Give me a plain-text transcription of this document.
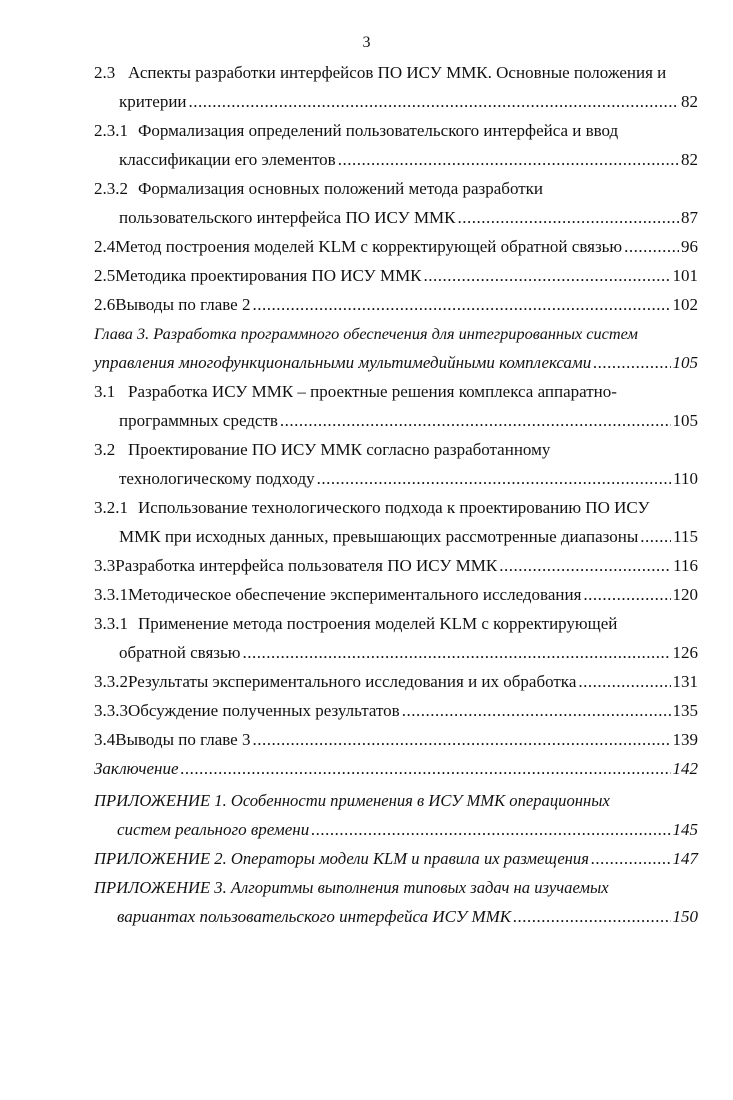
3
2.3 Аспекты разработки интерфейсов ПО ИСУ ММК. Основные положения и
критерии .....	82
2.3.1 Формализация определений пользовательского интерфейса и ввод
классификации его элементов .....	82
2.3.2 Формализация основных положений метода разработки
пользовательского интерфейса ПО ИСУ ММК .....	87
2.4 Метод построения моделей KLM с корректирующей обратной связью .....	96
2.5 Методика проектирования ПО ИСУ ММК .....	101
2.6 Выводы по главе 2 .....	102
Глава 3. Разработка программного обеспечения для интегрированных систем
управления многофункциональными мультимедийными комплексами .....	105
3.1 Разработка ИСУ ММК – проектные решения комплекса аппаратно-
программных средств .....	105
3.2 Проектирование ПО ИСУ ММК согласно разработанному
технологическому подходу .....	110
3.2.1 Использование технологического подхода к проектированию ПО ИСУ
ММК при исходных данных, превышающих рассмотренные диапазоны ..... 115
3.3 Разработка интерфейса пользователя ПО ИСУ ММК .....	116
3.3.1 Методическое обеспечение экспериментального исследования .....	120
3.3.1 Применение метода построения моделей KLM с корректирующей
обратной связью .....	126
3.3.2 Результаты экспериментального исследования и их обработка .....	131
3.3.3 Обсуждение полученных результатов .....	135
3.4 Выводы по главе 3 .....	139
Заключение .....	142
ПРИЛОЖЕНИЕ 1. Особенности применения в ИСУ ММК операционных
систем реального времени .....	145
ПРИЛОЖЕНИЕ 2. Операторы модели KLM и правила их размещения .....	147
ПРИЛОЖЕНИЕ 3. Алгоритмы выполнения типовых задач на изучаемых
вариантах пользовательского интерфейса ИСУ ММК .....	150
